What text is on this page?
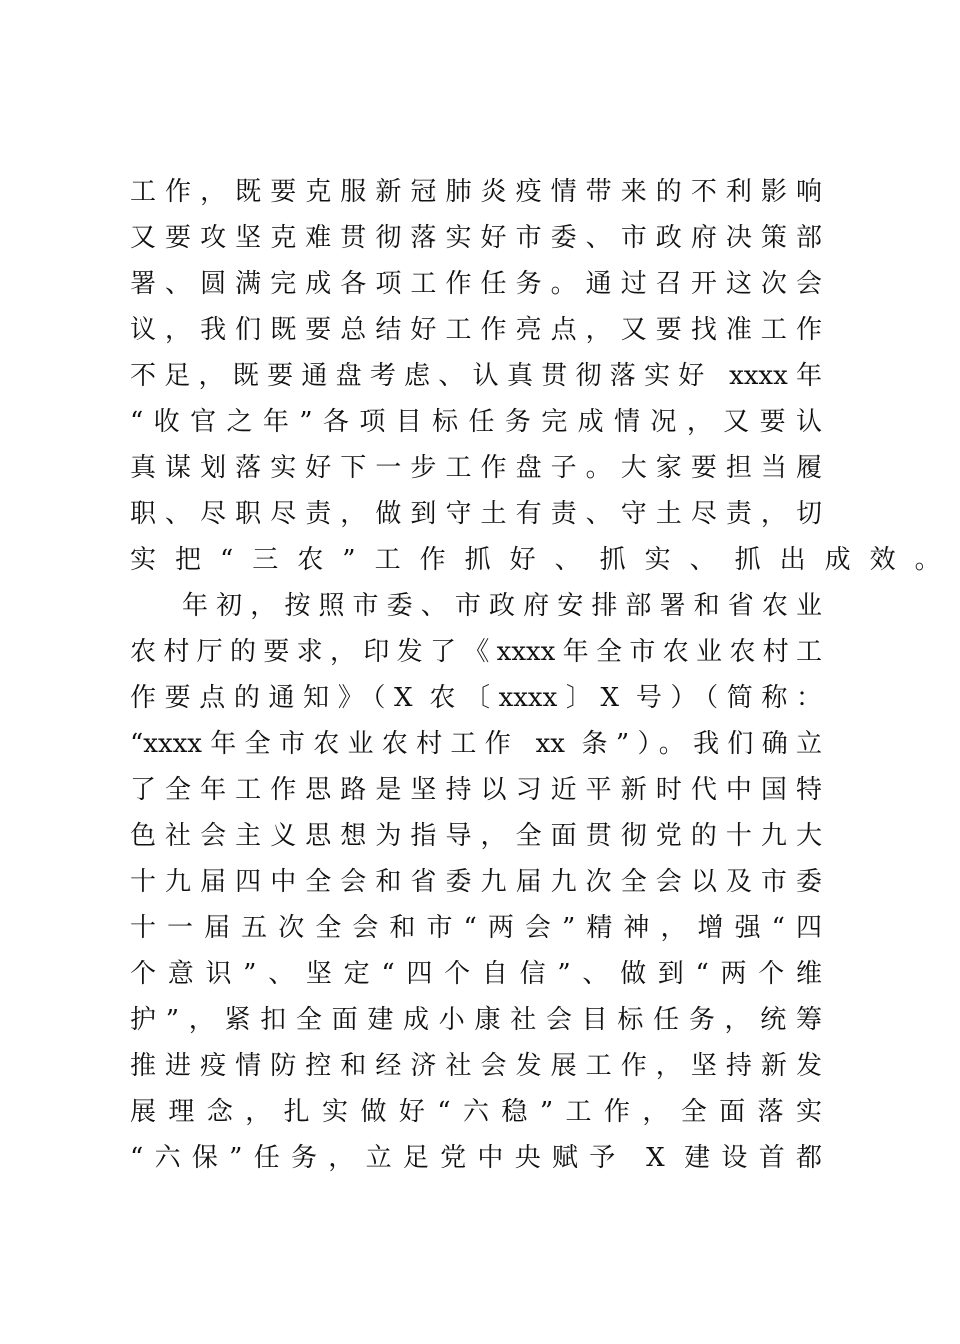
工作，既要克服新冠肺炎疫情带来的不利影响
又要攻坚克难贯彻落实好市委、市政府决策部
署、圆满完成各项工作任务。通过召开这次会
议，我们既要总结好工作亮点，又要找准工作
不足，既要通盘考虑、认真贯彻落实好 xxxx年
“收官之年”各项目标任务完成情况，又要认
真谋划落实好下一步工作盘子。大家要担当履
职、尽职尽责，做到守土有责、守土尽责，切
实把“三农”工作抓好、抓实、抓出成效。
年初，按照市委、市政府安排部署和省农业
农村厅的要求，印发了《xxxx年全市农业农村工
作要点的通知》（X 农〔xxxx〕X 号）（简称：
“xxxx年全市农业农村工作 xx 条”）。我们确立
了全年工作思路是坚持以习近平新时代中国特
色社会主义思想为指导，全面贯彻党的十九大
十九届四中全会和省委九届九次全会以及市委
十一届五次全会和市“两会”精神，增强“四
个意识”、坚定“四个自信”、做到“两个维
护”，紧扣全面建成小康社会目标任务，统筹
推进疫情防控和经济社会发展工作，坚持新发
展理念，扎实做好“六稳”工作，全面落实
“六保”任务，立足党中央赋予 X 建设首都
